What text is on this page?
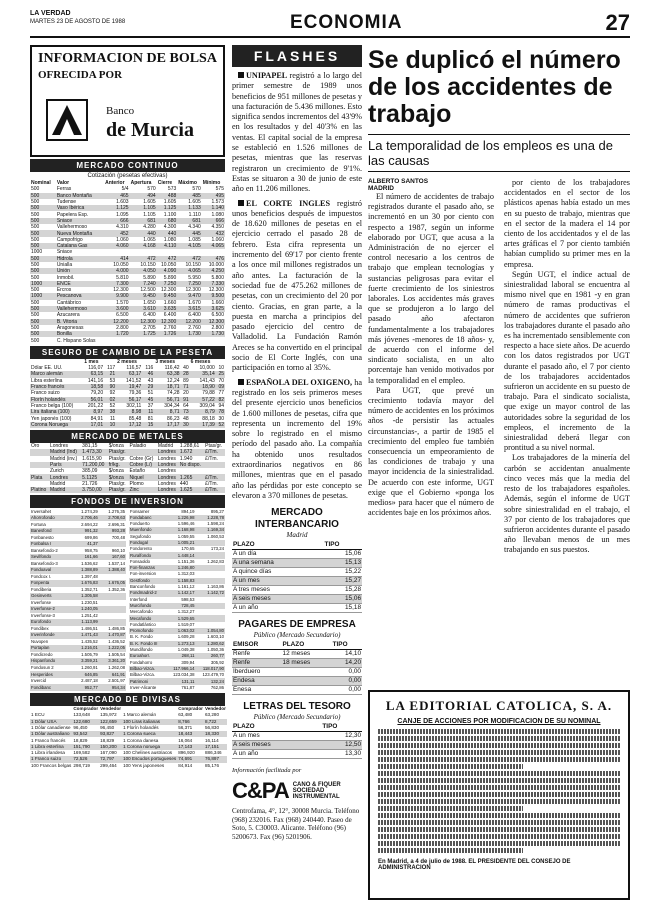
LA VERDAD
MARTES 23 DE AGOSTO DE 1988	ECONOMIA	27
INFORMACION DE BOLSA
OFRECIDA POR
Banco
de Murcia
MERCADO CONTINUO
Cotización (pesetas efectivas)
Nominal	Valor	Anterior	Apertura	Cierre	Máximo	Mínimo
500	Ferras	5/4	570	573	570	575
500	Banco Montaña	465	494	488	485	495
500	Tudense	1.603	1.605	1.605	1.605	1.573
500	Vaso Ibérica	1.125	1.105	1.125	1.133	1.140
500	Papelera Esp.	1.095	1.105	1.100	1.110	1.080
500	Sniace	666	681	680	681	666
500	Vallehermoso	4.310	4.280	4.300	4.340	4.350
500	Nueva Montaña	452	440	440	445	432
500	Campofrigo	1.060	1.065	1.080	1.085	1.060
500	Catalana Gas	4.060	4.168	4.110	4.105	4.065
1000	Sniace					
500	Hidrola	414	472	472	472	476
500	Unialla	10.050	10.150	10.050	10.150	10.000
500	Unión	4.000	4.050	4.090	4.065	4.250
500	Inmobil.	5.810	5.890	5.890	5.950	5.800
1000	ENCE	7.300	7.240	7.250	7.250	7.330
500	Ercros	12.300	12.500	12.300	12.300	12.300
1000	Pescanova	9.900	9.450	9.450	9.470	9.500
500	Cantábrico	1.570	1.650	1.660	1.670	1.660
500	Vallehermoso	3.600	3.610	3.635	3.615	3.625
500	Azucarera	6.500	6.400	6.400	6.400	6.500
500	B. Vitoria	12.200	12.300	12.300	12.200	12.300
500	Aragonesas	2.800	2.705	2.760	2.760	2.800
500	Bonilla	1.720	1.725	1.726	1.730	1.730
500	C. Hispano Solas					
SEGURO DE CAMBIO DE LA PESETA
	1 mes		2 meses		3 meses		6 meses	
Dólar EE. UU.	116,07	117	116,57	116	116,42	40	10,000	10
Marco alemán	63,15	21	63,17	46	63,38	28	35,14	25
Libra esterlina	141,16	53	141,52	43	12,24	89	141,43	70
Franco francés	18,58	90	19,47	29	18,71	71	18,90	09
Franco suizo	79,20	92	79,36	51	74,28	20	79,88	77
Florín holandés	56,01	02	56,17	45	56,71	91	57,22	82
Franco belga (100)	201,22	52	302,11	37	304,34	64	309,04	94
Lira italiana (100)	8,97	38	8,98	11	8,71	73	8,79	78
Yen japonés (100)	84,91	11	85,48	81	86,23	48	88,18	30
Corona Noruega	17,01	10	17,12	15	17,17	30	17,39	52
MERCADO DE METALES
Oro	Londres	381,15	$/onza	Paladio	Madrid	1.288,61	Ptas/gr.
	Madrid (Ind)	1.473,30	Ptas/gr.		Londres	1.672	£/Tm.
	Madrid (inv.)	1.615,90	Ptas/gr.	Cobre (Gr)	Londres	1.940	£/Tm.
	París	71.200,00	fr/kg.	Cobre (L/)	Londres	No dispo.	
	Zurich	385,09	$/onza	Estaño	Londres		
Plata	Londres	5.1125	$/onza	Niquel	Londres	1.265	£/Tm.
	Madrid	21.726	Ptas/gr.	Plomo	Londres	440	£/Tm.
Platino	Madrid	3.750,00	Ptas/gr.	Zinc	Londres	1.625	£/Tm.
FONDOS DE INVERSION
Inversahet	1.274,29	1.276,35
Ahorrofondo	2.706,46	2.708,63
Fortuna	2.694,22	2.696,31
Banesfond	991,32	993,28
Fonbanesto	699,86	700,48
Fonbalsa I	41,37	
Bansefondo-2	958,75	960,10
Sevilfondo	161,66	167,60
Bansefondo-3	1.536,62	1.537,14
Fondoaval	1.388,89	1.388,40
Fondcox I.	1.397,48	
Fonpenta	1.676,83	1.676,05
Fondiberia	1.352,71	1.352,36
Gesinverts	1.305,58	
Inverfonse	1.230,51	
Inverfonse-2	1.240,05	
Inverfonse-3	1.251,42	
Eurofondo	1.113,99	
Fondibex	1.486,51	1.486,85
Inverinfonde	1.471,43	1.470,87
Nuvopen	1.435,52	1.436,52
Portaplan	1.216,01	1.222,05
Fondicredo	1.505,79	1.505,54
Hispanfondo	3.359,21	3.361,20
Fondosun 2	1.260,91	1.262,08
Hesperides	646,85	641,91
Invercid	2.487,18	2.501,97
Fondibanc	952,77	954,34
Fonsamer	894,19	895,27
Fondabanc	1.226,98	1.228,78
Fonduerto	1.596,46	1.598,24
Muenfondo	1.168,98	1.169,34
Segufondo	1.059,55	1.060,53
Fondogal	1.005,21	
Fondorento	170,65	173,24
Ruralfondo	1.448,14	
Fonsaoldo	1.151,36	1.262,83
Fon-finanzas	1.246,80	
Fon-inversion	1.312,03	
Gestfondo	1.158,83	
Banconfondo	1.161,12	1.163,86
Fondmadrid-2	1.142,17	1.142,72
Interfond	598,53	
Murcifondo	728,45	
Mercafondo	1.312,27	
Mecafondo	1.529,65	
Fondatlántico	1.519,07	
Promofondo	1.063,02	1.054,80
B. K. Fondo	1.609,28	1.603,10
B. K. Fondo III	1.273,13	1.280,62
Mundifondo	1.049,38	1.050,36
Euroahorr.	268,11	260,77
Fondahorro	309,94	305,92
Bilbao-Vizca.	117.966,14	118.017,90
Bilbao-Vizca.	123.034,38	123.479,70
Patrimoni	131,11	132,24
Inver-Alicante	761,87	762,86
MERCADO DE DIVISAS
	Comprador	Vendedor		Comprador	Vendedor
1 ECU	133,648	135,972	1 Marco alemán	63,480	63,280
1 Dólar USA	122,680	122,659	100 Liras italianas	8,766	8,722
1 Dólar canadiense	96,450	96,450	1 Florín holandés	56,371	56,830
1 Dólar australiano	93,542	93,827	1 Corona sueca	18,443	18,330
1 Franco francés	18,829	18,829	1 Corona danesa	16,064	16,114
1 Libra esterlina	151,790	150,200	1 Corona noruega	17,143	17,151
1 Libra irlandesa	169,582	167,090	100 Chelines austriacos	896,920	886,346
1 Franco suizo	72,526	72,797	100 Escudos portugueses	74,691	76,897
100 Francos belgas	298,719	299,464	100 Yens japoneses	84,914	85,176
FLASHES

UNIPAPEL registró a lo largo del primer semestre de 1989 unos beneficios de 951 millones de pesetas y una facturación de 5.436 millones. Esto significa sendos incrementos del 43'9% en los resultados y del 40'3% en las ventas. El capital social de la empresa se estableció en 1.526 millones de pesetas, mientras que las reservas registraron un crecimiento de 9'1%. Estas se situaron a 30 de junio de este año en 11.206 millones.

EL CORTE INGLES registró unos beneficios después de impuestos de 18.620 millones de pesetas en el ejercicio cerrado el pasado 28 de febrero. Esta cifra representa un incremento del 69'17 por ciento frente a los once mil millones registrados un año antes. La facturación de la sociedad fue de 475.262 millones de pesetas, con un crecimiento del 20 por ciento. Gracias, en gran parte, a la puesta en marcha a principios del pasado ejercicio del centro de Valladolid. La Fundación Ramón Areces se ha convertido en el principal socio de El Corte Inglés, con una participación en torno al 35%.

ESPAÑOLA DEL OXIGENO, ha registrado en los seis primeros meses del presente ejercicio unos beneficios de 1.600 millones de pesetas, cifra que representa un incremento del 19% sobre lo registrado en el mismo período del pasado año. La compañía ha obtenido unos resultados extraordinarios negativos en 86 millones, mientras que en el pasado año las pérdidas por este concepto se elevaron a 370 millones de pesetas.

MERCADO INTERBANCARIO
Madrid
PLAZO	TIPO
A un día	15,06
A una semana	15,13
A quince días	15,22
A un mes	15,27
A tres meses	15,28
A seis meses	15,06
A un año	15,18
PAGARES DE EMPRESA
Público (Mercado Secundario)
EMISOR	PLAZO	TIPO
Renfe	12 meses	14,10
Renfe	18 meses	14,20
Iberduero		0,00
Endesa		0,00
Enesa		0,00
LETRAS DEL TESORO
Público (Mercado Secundario)
PLAZO	TIPO
A un mes	12,30
A seis meses	12,50
A un año	13,30
Información facilitada por
C&PA CANO & FIQUER SOCIEDAD INSTRUMENTAL
Centrofama, 4°, 12°, 30008 Murcia. Teléfono (968) 232016. Fax (968) 240440. Paseo de Soto, 5. C30003. Alicante. Teléfono (96) 5200673. Fax (96) 5201906.
Se duplicó el número de los accidentes de trabajo
La temporalidad de los empleos es una de las causas
ALBERTO SANTOS
MADRID

El número de accidentes de trabajo registrados durante el pasado año, se incrementó en un 30 por ciento con respecto a 1987, según un informe elaborado por UGT, que acusa a la Administración de no ejercer el control necesario a los centros de trabajo que emplean tecnologías y sustancias peligrosas para evitar el fuerte crecimiento de los siniestros laborales. Los accidentes más graves que se produjeron a lo largo del pasado año afectaron fundamentalmente a los trabajadores más jóvenes -menores de 18 años- y, de acuerdo con el informe del sindicato socialista, en un alto porcentaje han venido motivados por la temporalidad en el empleo.

Para UGT, que prevé un crecimiento todavía mayor del número de accidentes en los próximos años -de persistir las actuales circunstancias-, a partir de 1985 el crecimiento del empleo fue también consecuencia un empeoramiento de las condiciones de trabajo y una mayor incidencia de la siniestralidad. De acuerdo con este informe, UGT exige que el Gobierno «ponga los medios» para hacer que el número de accidentes baje en los próximos años.

por ciento de los trabajadores accidentados en el sector de los plásticos apenas había estado un mes en su puesto de trabajo, mientras que en el sector de la madera el 14 por ciento de los accidentados y el de las artes gráficas el 7 por ciento también habían cumplido su primer mes en la empresa.

Según UGT, el índice actual de siniestralidad laboral se encuentra al mismo nivel que en 1981 -y en gran número de ramas productivas el número de accidentes que sufrieron los trabajadores durante el pasado año es ha incrementado sensiblemente con respecto a hace siete años. De acuerdo con los datos registrados por UGT durante el pasado año, el 7 por ciento de los trabajadores accidentados sufrieron un accidente en su puesto de trabajo. Para el sindicato socialista, que exige un mayor control de las autoridades sobre la seguridad de los empleos, el incremento de la siniestralidad deberá llegar con prontitud a su nivel normal.

Los trabajadores de la minería del carbón se accidentan anualmente cinco veces más que la media del resto de los trabajadores españoles. Además, según el informe de UGT sobre siniestralidad en el trabajo, el 37 por ciento de los trabajadores que sufrieron accidentes durante el pasado año llevaban menos de un mes trabajando en sus puestos.

LA EDITORIAL CATOLICA, S. A.
CANJE DE ACCIONES POR MODIFICACION DE SU NOMINAL
En Madrid, a 4 de julio de 1988. EL PRESIDENTE DEL CONSEJO DE ADMINISTRACION
